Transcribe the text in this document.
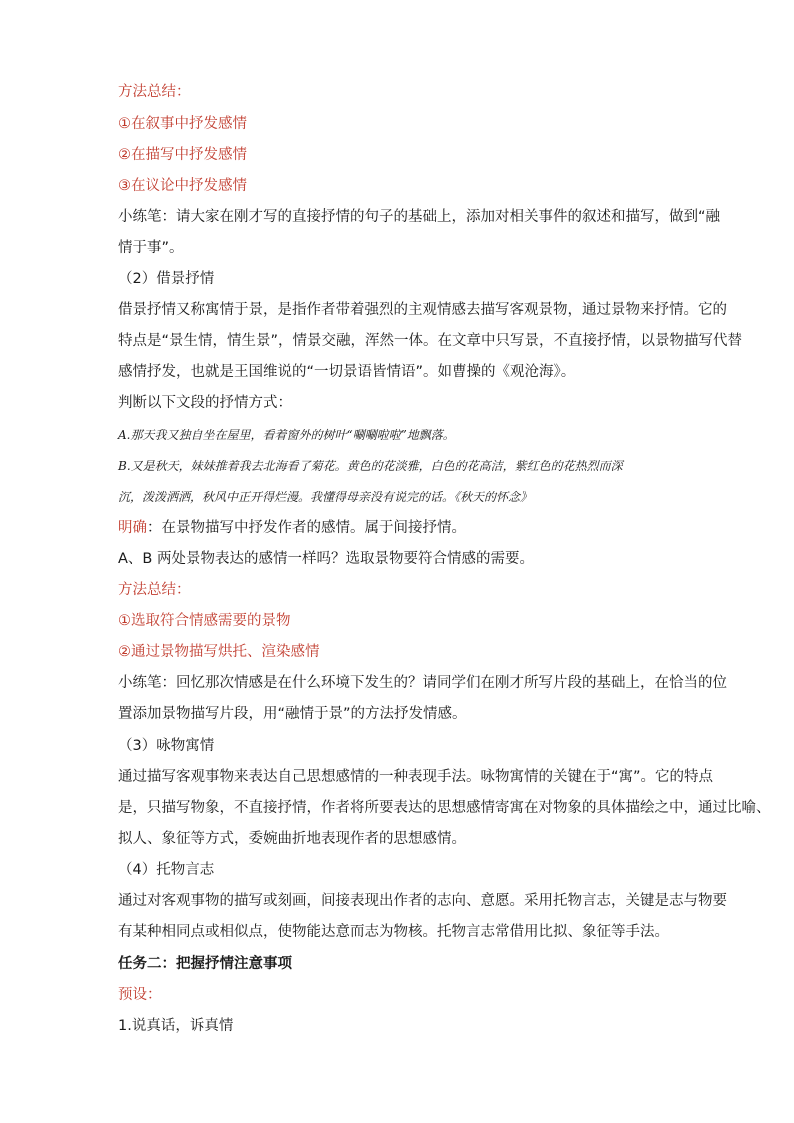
方法总结：
①在叙事中抒发感情
②在描写中抒发感情
③在议论中抒发感情
小练笔：请大家在刚才写的直接抒情的句子的基础上，添加对相关事件的叙述和描写，做到“融
情于事”。
（2）借景抒情
借景抒情又称寓情于景，是指作者带着强烈的主观情感去描写客观景物，通过景物来抒情。它的
特点是“景生情，情生景”，情景交融，浑然一体。在文章中只写景，不直接抒情，以景物描写代替
感情抒发，也就是王国维说的“一切景语皆情语”。如曹操的《观沧海》。
判断以下文段的抒情方式：
A.那天我又独自坐在屋里，看着窗外的树叶“唰唰啦啦”地飘落。
B.又是秋天，妹妹推着我去北海看了菊花。黄色的花淡雅，白色的花高洁，紫红色的花热烈而深
沉，泼泼洒洒，秋风中正开得烂漫。我懂得母亲没有说完的话。《秋天的怀念》
明确：在景物描写中抒发作者的感情。属于间接抒情。
A、B 两处景物表达的感情一样吗？选取景物要符合情感的需要。
方法总结：
①选取符合情感需要的景物
②通过景物描写烘托、渲染感情
小练笔：回忆那次情感是在什么环境下发生的？请同学们在刚才所写片段的基础上，在恰当的位
置添加景物描写片段，用“融情于景”的方法抒发情感。
（3）咏物寓情
通过描写客观事物来表达自己思想感情的一种表现手法。咏物寓情的关键在于“寓”。它的特点
是，只描写物象，不直接抒情，作者将所要表达的思想感情寄寓在对物象的具体描绘之中，通过比喻、
拟人、象征等方式，委婉曲折地表现作者的思想感情。
（4）托物言志
通过对客观事物的描写或刻画，间接表现出作者的志向、意愿。采用托物言志，关键是志与物要
有某种相同点或相似点，使物能达意而志为物核。托物言志常借用比拟、象征等手法。
任务二：把握抒情注意事项
预设：
1.说真话，诉真情
